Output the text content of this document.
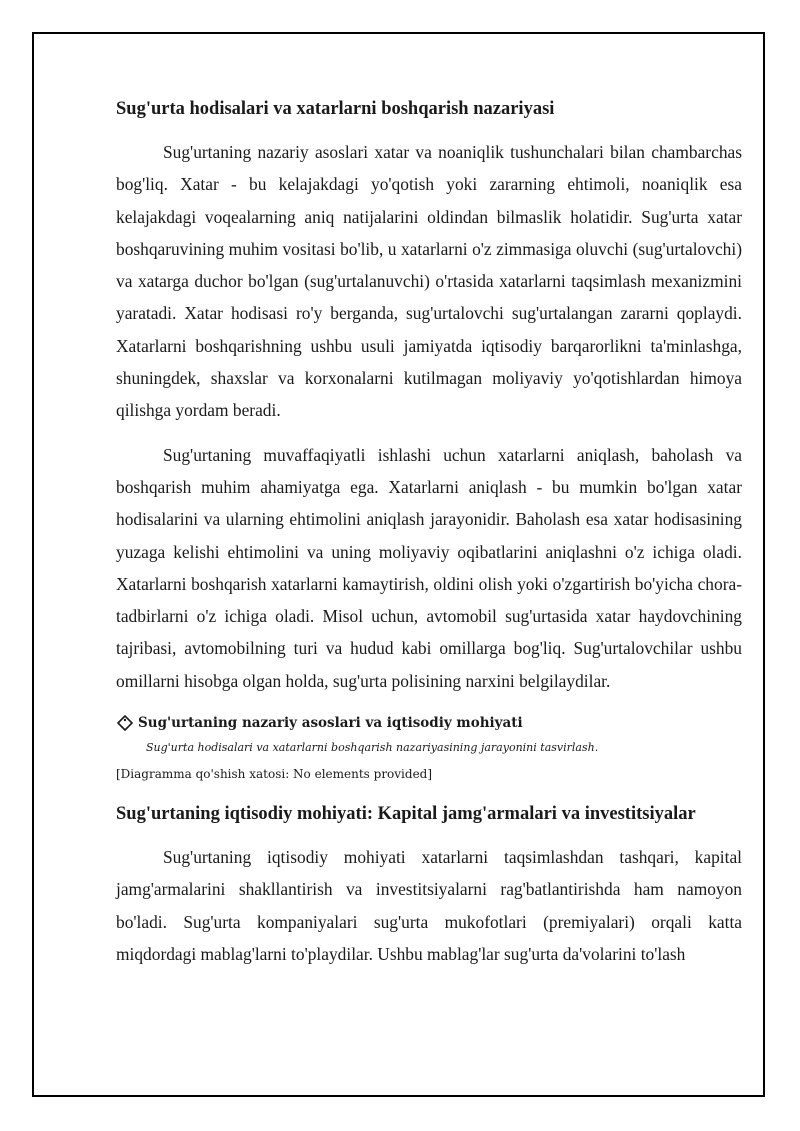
Sug'urta hodisalari va xatarlarni boshqarish nazariyasi

Sug'urtaning nazariy asoslari xatar va noaniqlik tushunchalari bilan chambarchas bog'liq. Xatar - bu kelajakdagi yo'qotish yoki zararning ehtimoli, noaniqlik esa kelajakdagi voqealarning aniq natijalarini oldindan bilmaslik holatidir. Sug'urta xatar boshqaruvining muhim vositasi bo'lib, u xatarlarni o'z zimmasiga oluvchi (sug'urtalovchi) va xatarga duchor bo'lgan (sug'urtalanuvchi) o'rtasida xatarlarni taqsimlash mexanizmini yaratadi. Xatar hodisasi ro'y berganda, sug'urtalovchi sug'urtalangan zararni qoplaydi. Xatarlarni boshqarishning ushbu usuli jamiyatda iqtisodiy barqarorlikni ta'minlashga, shuningdek, shaxslar va korxonalarni kutilmagan moliyaviy yo'qotishlardan himoya qilishga yordam beradi.

Sug'urtaning muvaffaqiyatli ishlashi uchun xatarlarni aniqlash, baholash va boshqarish muhim ahamiyatga ega. Xatarlarni aniqlash - bu mumkin bo'lgan xatar hodisalarini va ularning ehtimolini aniqlash jarayonidir. Baholash esa xatar hodisasining yuzaga kelishi ehtimolini va uning moliyaviy oqibatlarini aniqlashni o'z ichiga oladi. Xatarlarni boshqarish xatarlarni kamaytirish, oldini olish yoki o'zgartirish bo'yicha chora-tadbirlarni o'z ichiga oladi. Misol uchun, avtomobil sug'urtasida xatar haydovchining tajribasi, avtomobilning turi va hudud kabi omillarga bog'liq. Sug'urtalovchilar ushbu omillarni hisobga olgan holda, sug'urta polisining narxini belgilaydilar.

Sug'urtaning nazariy asoslari va iqtisodiy mohiyati
Sug'urta hodisalari va xatarlarni boshqarish nazariyasining jarayonini tasvirlash.
[Diagramma qo'shish xatosi: No elements provided]
Sug'urtaning iqtisodiy mohiyati: Kapital jamg'armalari va investitsiyalar

Sug'urtaning iqtisodiy mohiyati xatarlarni taqsimlashdan tashqari, kapital jamg'armalarini shakllantirish va investitsiyalarni rag'batlantirishda ham namoyon bo'ladi. Sug'urta kompaniyalari sug'urta mukofotlari (premiyalari) orqali katta miqdordagi mablag'larni to'playdilar. Ushbu mablag'lar sug'urta da'volarini to'lash
